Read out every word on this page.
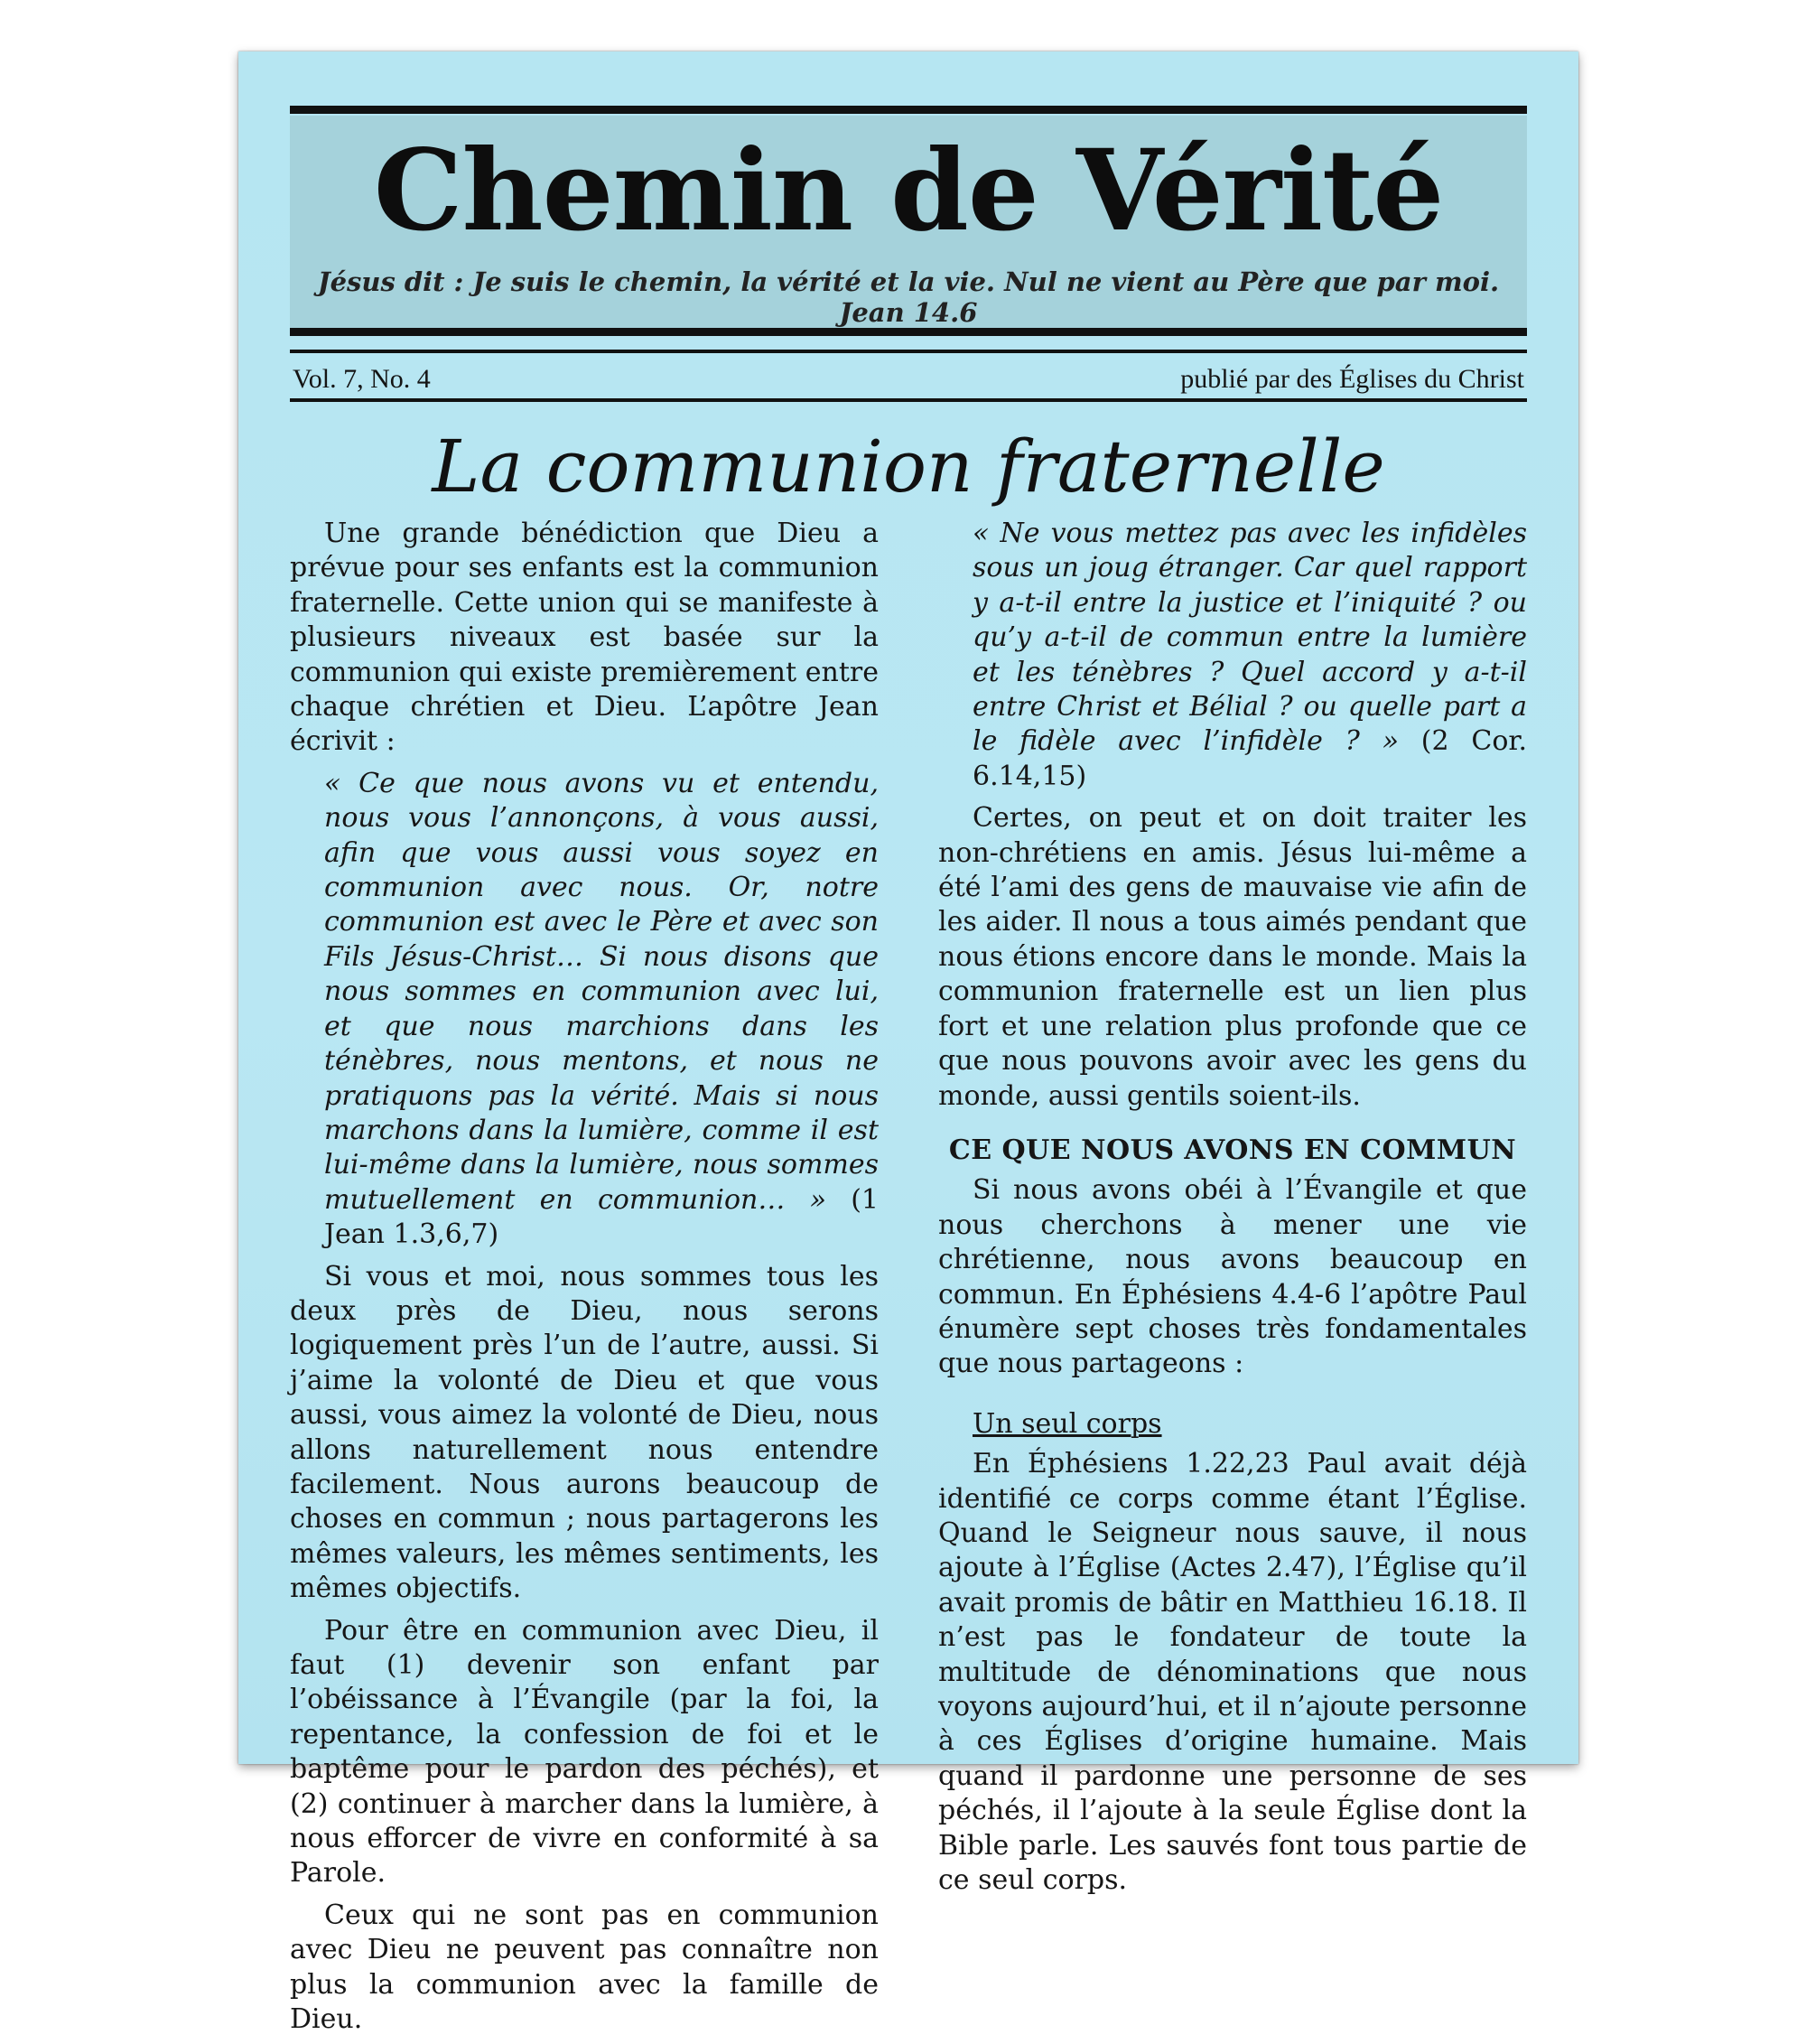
Chemin de Vérité
Jésus dit : Je suis le chemin, la vérité et la vie. Nul ne vient au Père que par moi. Jean 14.6
Vol. 7, No. 4	publié par des Églises du Christ
La communion fraternelle

Une grande bénédiction que Dieu a prévue pour ses enfants est la communion fraternelle. Cette union qui se manifeste à plusieurs niveaux est basée sur la communion qui existe premièrement entre chaque chrétien et Dieu. L’apôtre Jean écrivit :

« Ce que nous avons vu et entendu, nous vous l’annonçons, à vous aussi, afin que vous aussi vous soyez en communion avec nous. Or, notre communion est avec le Père et avec son Fils Jésus-Christ… Si nous disons que nous sommes en communion avec lui, et que nous marchions dans les ténèbres, nous mentons, et nous ne pratiquons pas la vérité. Mais si nous marchons dans la lumière, comme il est lui-même dans la lumière, nous sommes mutuellement en communion… » (1 Jean 1.3,6,7)

Si vous et moi, nous sommes tous les deux près de Dieu, nous serons logiquement près l’un de l’autre, aussi. Si j’aime la volonté de Dieu et que vous aussi, vous aimez la volonté de Dieu, nous allons naturellement nous entendre facilement. Nous aurons beaucoup de choses en commun ; nous partagerons les mêmes valeurs, les mêmes sentiments, les mêmes objectifs.

Pour être en communion avec Dieu, il faut (1) devenir son enfant par l’obéissance à l’Évangile (par la foi, la repentance, la confession de foi et le baptême pour le pardon des péchés), et (2) continuer à marcher dans la lumière, à nous efforcer de vivre en conformité à sa Parole.

Ceux qui ne sont pas en communion avec Dieu ne peuvent pas connaître non plus la communion avec la famille de Dieu.

« Ne vous mettez pas avec les infidèles sous un joug étranger. Car quel rapport y a-t-il entre la justice et l’iniquité ? ou qu’y a-t-il de commun entre la lumière et les ténèbres ? Quel accord y a-t-il entre Christ et Bélial ? ou quelle part a le fidèle avec l’infidèle ? » (2 Cor. 6.14,15)

Certes, on peut et on doit traiter les non-chrétiens en amis. Jésus lui-même a été l’ami des gens de mauvaise vie afin de les aider. Il nous a tous aimés pendant que nous étions encore dans le monde. Mais la communion fraternelle est un lien plus fort et une relation plus profonde que ce que nous pouvons avoir avec les gens du monde, aussi gentils soient-ils.

CE QUE NOUS AVONS EN COMMUN

Si nous avons obéi à l’Évangile et que nous cherchons à mener une vie chrétienne, nous avons beaucoup en commun. En Éphésiens 4.4-6 l’apôtre Paul énumère sept choses très fondamentales que nous partageons :

Un seul corps

En Éphésiens 1.22,23 Paul avait déjà identifié ce corps comme étant l’Église. Quand le Seigneur nous sauve, il nous ajoute à l’Église (Actes 2.47), l’Église qu’il avait promis de bâtir en Matthieu 16.18. Il n’est pas le fondateur de toute la multitude de dénominations que nous voyons aujourd’hui, et il n’ajoute personne à ces Églises d’origine humaine. Mais quand il pardonne une personne de ses péchés, il l’ajoute à la seule Église dont la Bible parle. Les sauvés font tous partie de ce seul corps.
